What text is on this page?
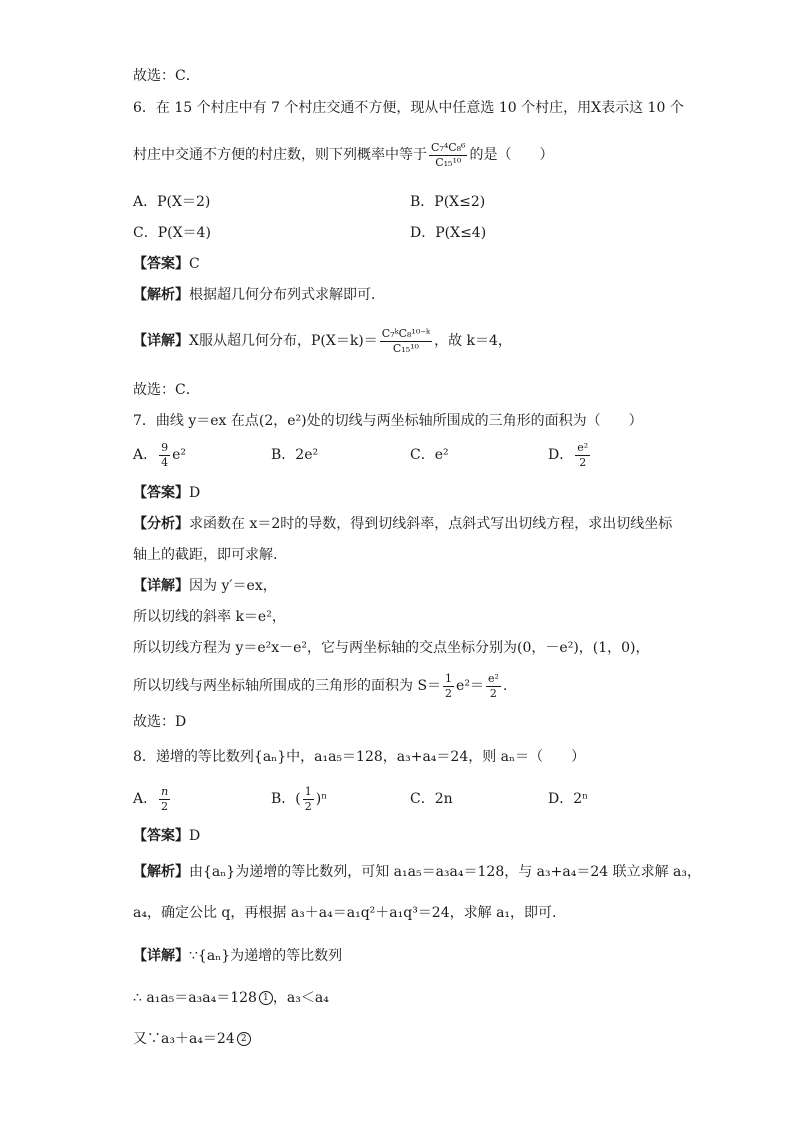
故选：C．
6．在 15 个村庄中有 7 个村庄交通不方便，现从中任意选 10 个村庄，用X表示这 10 个
村庄中交通不方便的村庄数，则下列概率中等于 $\frac{\text{C₇⁴C₈⁶}}{\text{C₁₅¹⁰}}$ 的是（　　）
A．P(X＝2)	B．P(X≤2)
C．P(X＝4)	D．P(X≤4)
【答案】C
【解析】根据超几何分布列式求解即可．
【详解】X服从超几何分布，$P(X=k)= \frac{\text{C₇ᵏC₈¹⁰⁻ᵏ}}{\text{C₁₅¹⁰}}$ ，故 k＝4，
故选：C．
7．曲线 y＝ex 在点(2，e²)处的切线与两坐标轴所围成的三角形的面积为（　　）
A． $\frac{9}{4} e^2$	B．2e²	C．e²	D． $\frac{\text{e²}}{2}$
【答案】D
【分析】求函数在 x＝2时的导数，得到切线斜率，点斜式写出切线方程，求出切线坐标
轴上的截距，即可求解.
【详解】因为 y′＝ex，
所以切线的斜率 k＝e²，
所以切线方程为 y＝e²x－e²，它与两坐标轴的交点坐标分别为(0，－e²)，(1，0)，
所以切线与两坐标轴所围成的三角形的面积为 $S= \frac{1}{2} e^2= \frac{\text{e²}}{2}$ .
故选：D
8．递增的等比数列{aₙ}中，a₁a₅＝128，a₃+a₄＝24，则 aₙ＝（　　）
A． $\frac{n}{2}$	B．( $\frac{1}{2} )^n$	C．2n	D．2ⁿ
【答案】D
【解析】由{aₙ}为递增的等比数列，可知 a₁a₅＝a₃a₄＝128，与 a₃+a₄＝24 联立求解 a₃，
a₄，确定公比 q，再根据 a₃＋a₄＝a₁q²＋a₁q³＝24，求解 a₁，即可.
【详解】∵{aₙ}为递增的等比数列
∴ a₁a₅＝a₃a₄＝128 1 ，a₃＜a₄
又∵a₃＋a₄＝24 2
